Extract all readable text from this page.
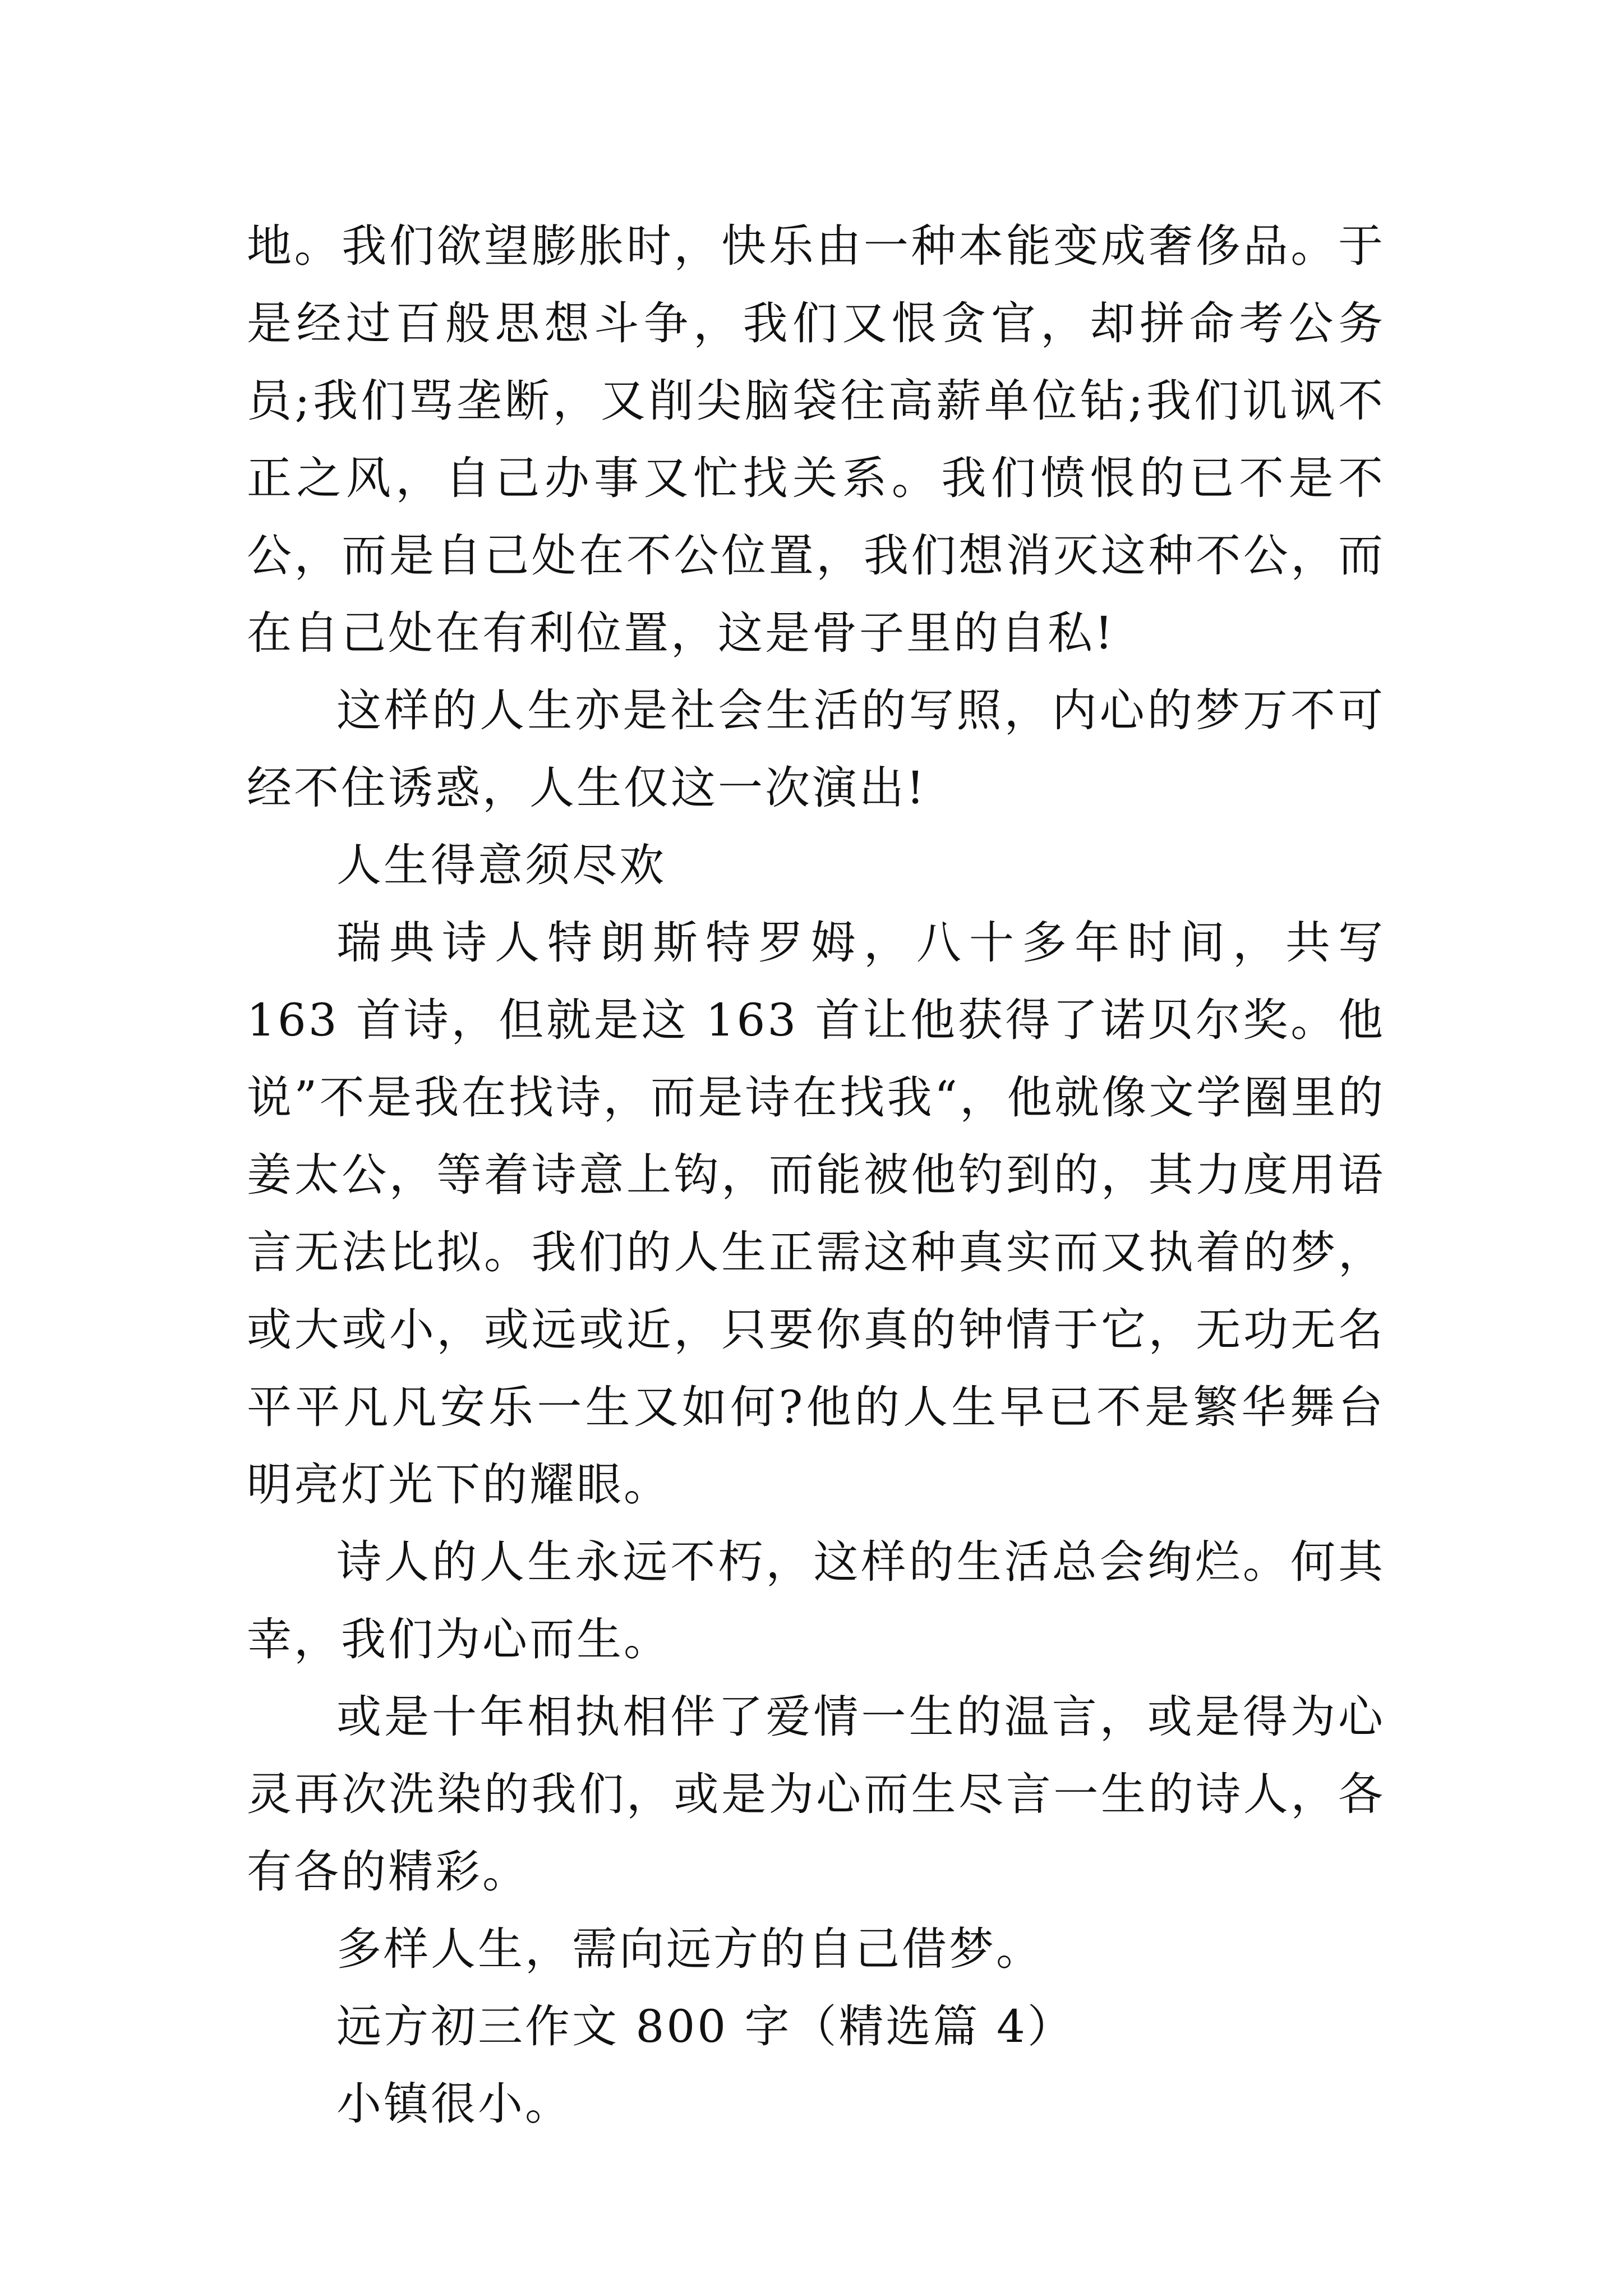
地。我们欲望膨胀时，快乐由一种本能变成奢侈品。于是经过百般思想斗争，我们又恨贪官，却拼命考公务员;我们骂垄断，又削尖脑袋往高薪单位钻;我们讥讽不正之风，自己办事又忙找关系。我们愤恨的已不是不公，而是自己处在不公位置，我们想消灭这种不公，而在自己处在有利位置，这是骨子里的自私!

这样的人生亦是社会生活的写照，内心的梦万不可经不住诱惑，人生仅这一次演出!

人生得意须尽欢

瑞典诗人特朗斯特罗姆，八十多年时间，共写 163 首诗，但就是这 163 首让他获得了诺贝尔奖。他说”不是我在找诗，而是诗在找我“，他就像文学圈里的姜太公，等着诗意上钩，而能被他钓到的，其力度用语言无法比拟。我们的人生正需这种真实而又执着的梦，或大或小，或远或近，只要你真的钟情于它，无功无名平平凡凡安乐一生又如何?他的人生早已不是繁华舞台明亮灯光下的耀眼。

诗人的人生永远不朽，这样的生活总会绚烂。何其幸，我们为心而生。

或是十年相执相伴了爱情一生的温言，或是得为心灵再次洗染的我们，或是为心而生尽言一生的诗人，各有各的精彩。

多样人生，需向远方的自己借梦。

远方初三作文 800 字（精选篇 4）

小镇很小。
